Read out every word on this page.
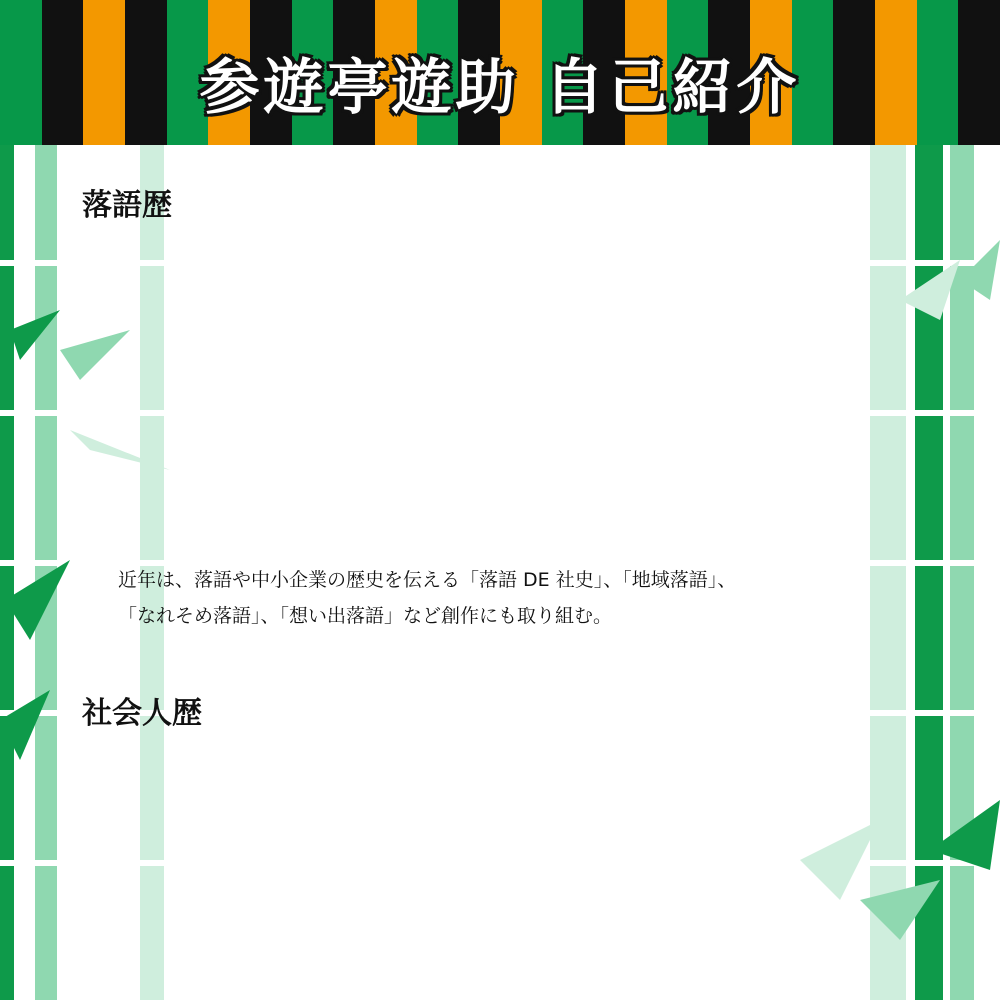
参遊亭遊助 自己紹介
落語歴
近年は、落語や中小企業の歴史を伝える「落語 DE 社史」、「地域落語」、
「なれそめ落語」、「想い出落語」など創作にも取り組む。
社会人歴
